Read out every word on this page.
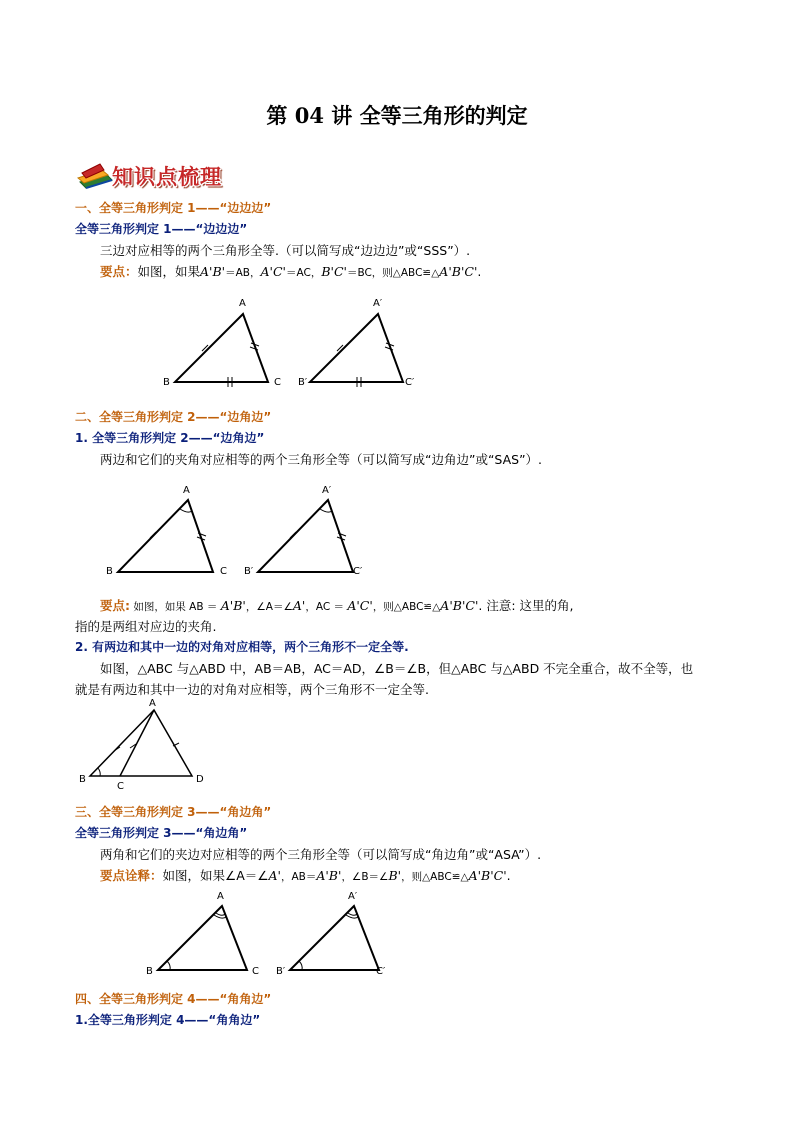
第 04 讲 全等三角形的判定
知识点梳理
一、全等三角形判定 1——“边边边”
全等三角形判定 1——“边边边”
三边对应相等的两个三角形全等.（可以简写成“边边边”或“SSS”）.
要点：如图，如果A'B'＝AB，A'C'＝AC，B'C'＝BC，则△ABC≌△A'B'C'.
A
B	C
A′
B′	C′
二、全等三角形判定 2——“边角边”
1. 全等三角形判定 2——“边角边”
两边和它们的夹角对应相等的两个三角形全等（可以简写成“边角边”或“SAS”）.
A
B	C
A′
B′	C′
要点: 如图，如果 AB ＝ A'B'，∠A＝∠A'，AC ＝ A'C'，则△ABC≌△A'B'C'. 注意: 这里的角,
指的是两组对应边的夹角.
2. 有两边和其中一边的对角对应相等，两个三角形不一定全等.
如图，△ABC 与△ABD 中，AB＝AB，AC＝AD，∠B＝∠B，但△ABC 与△ABD 不完全重合，故不全等，也
就是有两边和其中一边的对角对应相等，两个三角形不一定全等.
A
B
C
D
三、全等三角形判定 3——“角边角”
全等三角形判定 3——“角边角”
两角和它们的夹边对应相等的两个三角形全等（可以简写成“角边角”或“ASA”）.
要点诠释：如图，如果∠A＝∠A'，AB＝A'B'，∠B＝∠B'，则△ABC≌△A'B'C'.
A
B	C
A′
B′	C′
四、全等三角形判定 4——“角角边”
1.全等三角形判定 4——“角角边”
